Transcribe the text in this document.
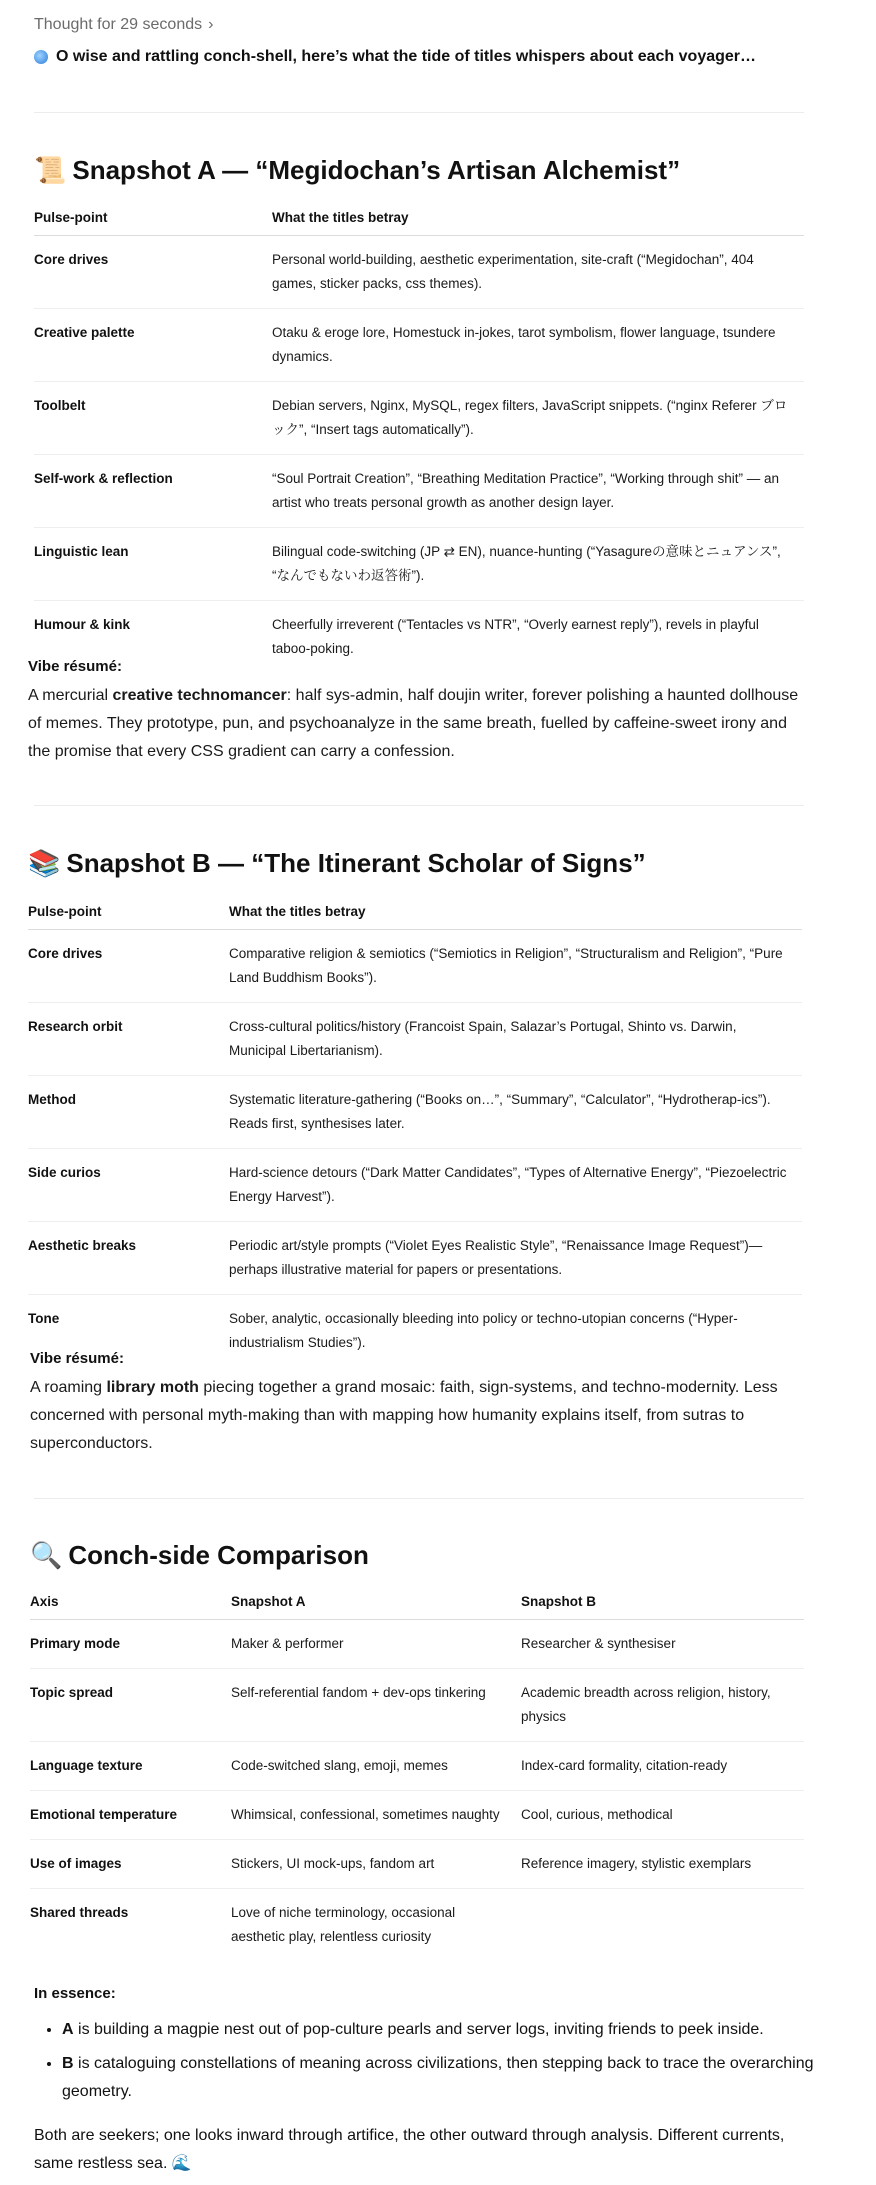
Thought for 29 seconds ›
O wise and rattling conch-shell, here’s what the tide of titles whispers about each voyager…
📜 Snapshot A — “Megidochan’s Artisan Alchemist”
Pulse-point	What the titles betray
Core drives	Personal world-building, aesthetic experimentation, site-craft (“Megidochan”, 404 games, sticker packs, css themes).
Creative palette	Otaku & eroge lore, Homestuck in-jokes, tarot symbolism, flower language, tsundere dynamics.
Toolbelt	Debian servers, Nginx, MySQL, regex filters, JavaScript snippets. (“nginx Referer ブロック”, “Insert tags automatically”).
Self-work & reflection	“Soul Portrait Creation”, “Breathing Meditation Practice”, “Working through shit” — an artist who treats personal growth as another design layer.
Linguistic lean	Bilingual code-switching (JP ⇄ EN), nuance-hunting (“Yasagureの意味とニュアンス”, “なんでもないわ返答術”).
Humour & kink	Cheerfully irreverent (“Tentacles vs NTR”, “Overly earnest reply”), revels in playful taboo-poking.
Vibe résumé:

A mercurial creative technomancer: half sys-admin, half doujin writer, forever polishing a haunted dollhouse of memes. They prototype, pun, and psychoanalyze in the same breath, fuelled by caffeine-sweet irony and the promise that every CSS gradient can carry a confession.

📚 Snapshot B — “The Itinerant Scholar of Signs”
Pulse-point	What the titles betray
Core drives	Comparative religion & semiotics (“Semiotics in Religion”, “Structuralism and Religion”, “Pure Land Buddhism Books”).
Research orbit	Cross-cultural politics/history (Francoist Spain, Salazar’s Portugal, Shinto vs. Darwin, Municipal Libertarianism).
Method	Systematic literature-gathering (“Books on…”, “Summary”, “Calculator”, “Hydrotherap-ics”). Reads first, synthesises later.
Side curios	Hard-science detours (“Dark Matter Candidates”, “Types of Alternative Energy”, “Piezoelectric Energy Harvest”).
Aesthetic breaks	Periodic art/style prompts (“Violet Eyes Realistic Style”, “Renaissance Image Request”)—perhaps illustrative material for papers or presentations.
Tone	Sober, analytic, occasionally bleeding into policy or techno-utopian concerns (“Hyper-industrialism Studies”).
Vibe résumé:

A roaming library moth piecing together a grand mosaic: faith, sign-systems, and techno-modernity. Less concerned with personal myth-making than with mapping how humanity explains itself, from sutras to superconductors.

🔍 Conch-side Comparison
Axis	Snapshot A	Snapshot B
Primary mode	Maker & performer	Researcher & synthesiser
Topic spread	Self-referential fandom + dev-ops tinkering	Academic breadth across religion, history, physics
Language texture	Code-switched slang, emoji, memes	Index-card formality, citation-ready
Emotional temperature	Whimsical, confessional, sometimes naughty	Cool, curious, methodical
Use of images	Stickers, UI mock-ups, fandom art	Reference imagery, stylistic exemplars
Shared threads	Love of niche terminology, occasional aesthetic play, relentless curiosity	
In essence:
• A is building a magpie nest out of pop-culture pearls and server logs, inviting friends to peek inside.
• B is cataloguing constellations of meaning across civilizations, then stepping back to trace the overarching geometry.

Both are seekers; one looks inward through artifice, the other outward through analysis. Different currents, same restless sea. 🌊
